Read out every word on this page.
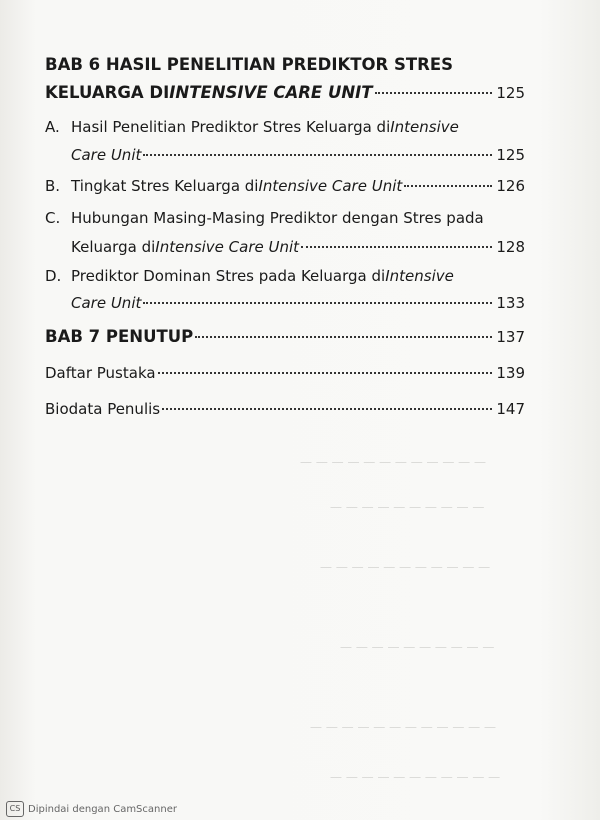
— — — — — — — — — — — —
— — — — — — — — — —
— — — — — — — — — — —
— — — — — — — — — —
— — — — — — — — — — — —
— — — — — — — — — — —
BAB 6 HASIL PENELITIAN PREDIKTOR STRES
KELUARGA DI INTENSIVE CARE UNIT	125
A. Hasil Penelitian Prediktor Stres Keluarga di Intensive
Care Unit	125
B. Tingkat Stres Keluarga di Intensive Care Unit	126
C. Hubungan Masing-Masing Prediktor dengan Stres pada
Keluarga di Intensive Care Unit	128
D. Prediktor Dominan Stres pada Keluarga di Intensive
Care Unit	133
BAB 7 PENUTUP	137
Daftar Pustaka	139
Biodata Penulis	147
CS Dipindai dengan CamScanner
